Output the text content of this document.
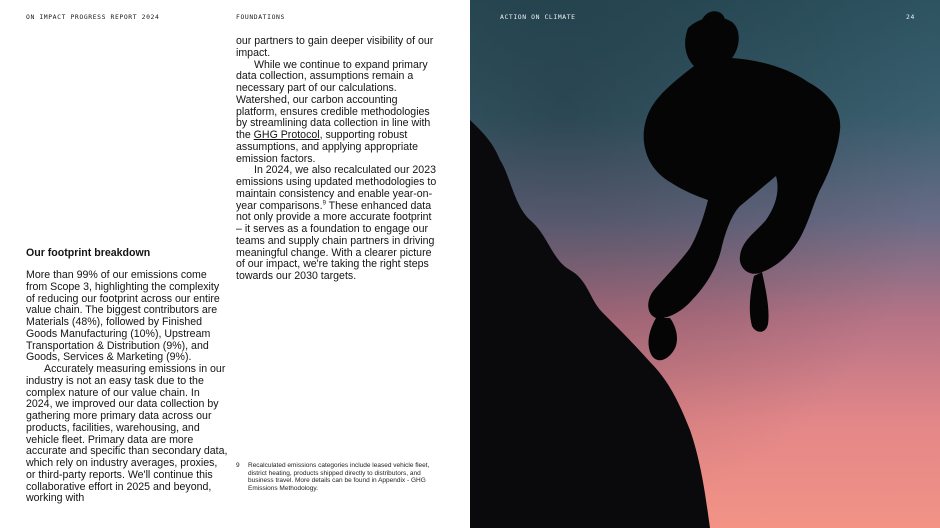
ON IMPACT PROGRESS REPORT 2024	FOUNDATIONS
Our footprint breakdown

More than 99% of our emissions come from Scope 3, highlighting the complexity of reducing our footprint across our entire value chain. The biggest contributors are Materials (48%), followed by Finished Goods Manufacturing (10%), Upstream Transportation & Distribution (9%), and Goods, Services & Marketing (9%).

Accurately measuring emissions in our industry is not an easy task due to the complex nature of our value chain. In 2024, we improved our data collection by gathering more primary data across our products, facilities, warehousing, and vehicle fleet. Primary data are more accurate and specific than secondary data, which rely on industry averages, proxies, or third-party reports. We'll continue this collaborative effort in 2025 and beyond, working with

our partners to gain deeper visibility of our impact.

While we continue to expand primary data collection, assumptions remain a necessary part of our calculations. Watershed, our carbon accounting platform, ensures credible methodologies by streamlining data collection in line with the GHG Protocol, supporting robust assumptions, and applying appropriate emission factors.

In 2024, we also recalculated our 2023 emissions using updated methodologies to maintain consistency and enable year-on-year comparisons.$^9$ These enhanced data not only provide a more accurate footprint – it serves as a foundation to engage our teams and supply chain partners in driving meaningful change. With a clearer picture of our impact, we're taking the right steps towards our 2030 targets.

9 Recalculated emissions categories include leased vehicle fleet, district heating, products shipped directly to distributors, and business travel. More details can be found in Appendix - GHG Emissions Methodology.
ACTION ON CLIMATE	24
